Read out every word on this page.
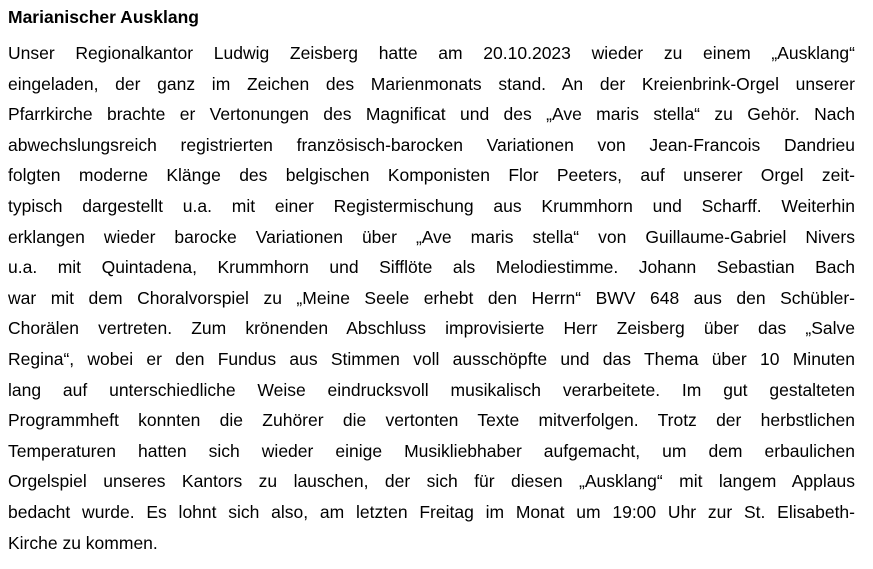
Marianischer Ausklang
Unser Regionalkantor Ludwig Zeisberg hatte am 20.10.2023 wieder zu einem „Ausklang“
eingeladen, der ganz im Zeichen des Marienmonats stand. An der Kreienbrink-Orgel unserer
Pfarrkirche brachte er Vertonungen des Magnificat und des „Ave maris stella“ zu Gehör. Nach
abwechslungsreich registrierten französisch-barocken Variationen von Jean-Francois Dandrieu
folgten moderne Klänge des belgischen Komponisten Flor Peeters, auf unserer Orgel zeit-
typisch dargestellt u.a. mit einer Registermischung aus Krummhorn und Scharff. Weiterhin
erklangen wieder barocke Variationen über „Ave maris stella“ von Guillaume-Gabriel Nivers
u.a. mit Quintadena, Krummhorn und Sifflöte als Melodiestimme. Johann Sebastian Bach
war mit dem Choralvorspiel zu „Meine Seele erhebt den Herrn“ BWV 648 aus den Schübler-
Chorälen vertreten. Zum krönenden Abschluss improvisierte Herr Zeisberg über das „Salve
Regina“, wobei er den Fundus aus Stimmen voll ausschöpfte und das Thema über 10 Minuten
lang auf unterschiedliche Weise eindrucksvoll musikalisch verarbeitete. Im gut gestalteten
Programmheft konnten die Zuhörer die vertonten Texte mitverfolgen. Trotz der herbstlichen
Temperaturen hatten sich wieder einige Musikliebhaber aufgemacht, um dem erbaulichen
Orgelspiel unseres Kantors zu lauschen, der sich für diesen „Ausklang“ mit langem Applaus
bedacht wurde. Es lohnt sich also, am letzten Freitag im Monat um 19:00 Uhr zur St. Elisabeth-
Kirche zu kommen.
